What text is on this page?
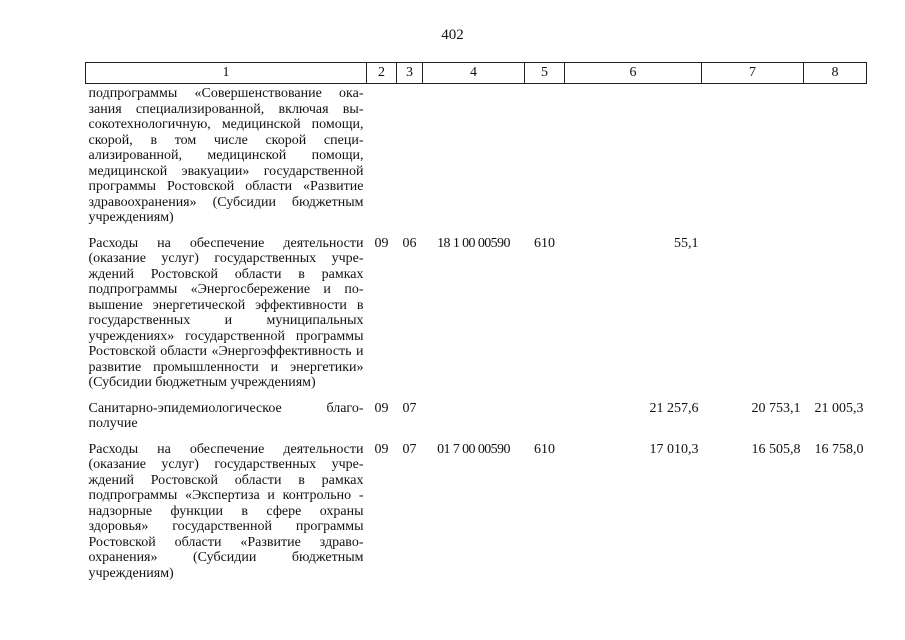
402
1	2	3	4	5	6	7	8
подпрограммы «Совершенствование оказания специализированной, включая высокотехнологичную, медицинской помощи, скорой, в том числе скорой специализированной, медицинской помощи, медицинской эвакуации» государственной программы Ростовской области «Развитие здравоохранения» (Субсидии бюджетным учреждениям)							
Расходы на обеспечение деятельности (оказание услуг) государственных учреждений Ростовской области в рамках подпрограммы «Энергосбережение и повышение энергетической эффективности в государственных и муниципальных учреждениях» государственной программы Ростовской области «Энергоэффективность и развитие промышленности и энергетики» (Субсидии бюджетным учреждениям)	09	06	18 1 00 00590	610	55,1		
Санитарно-эпидемиологическое благополучие	09	07			21 257,6	20 753,1	21 005,3
Расходы на обеспечение деятельности (оказание услуг) государственных учреждений Ростовской области в рамках подпрограммы «Экспертиза и контрольно - надзорные функции в сфере охраны здоровья» государственной программы Ростовской области «Развитие здравоохранения» (Субсидии бюджетным учреждениям)	09	07	01 7 00 00590	610	17 010,3	16 505,8	16 758,0
